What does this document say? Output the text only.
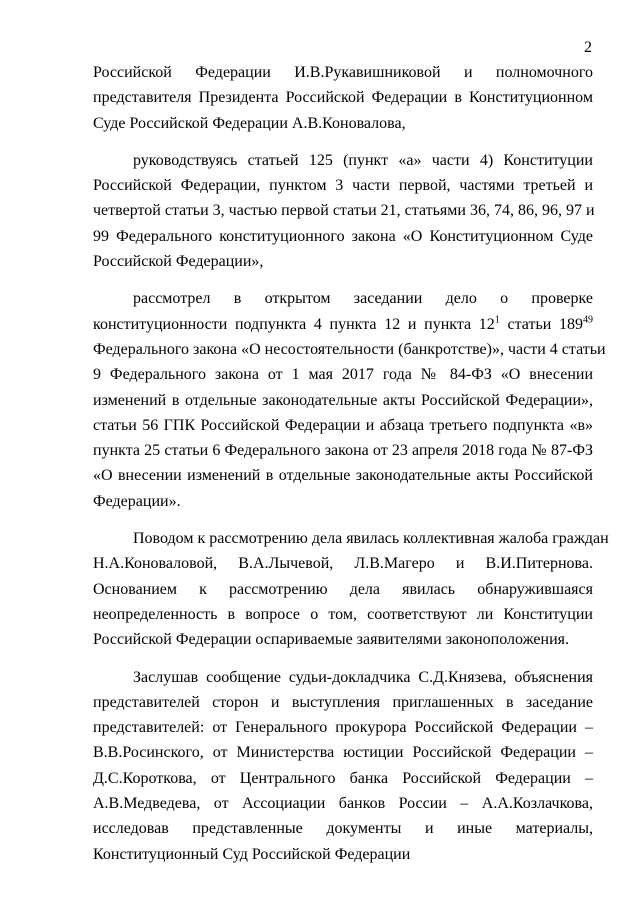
2
Российской Федерации И.В.Рукавишниковой и полномочного
представителя Президента Российской Федерации в Конституционном
Суде Российской Федерации А.В.Коновалова,
руководствуясь статьей 125 (пункт «а» части 4) Конституции
Российской Федерации, пунктом 3 части первой, частями третьей и
четвертой статьи 3, частью первой статьи 21, статьями 36, 74, 86, 96, 97 и
99 Федерального конституционного закона «О Конституционном Суде
Российской Федерации»,
рассмотрел в открытом заседании дело о проверке
конституционности подпункта 4 пункта 12 и пункта $12^1$ статьи $189^{49}$
Федерального закона «О несостоятельности (банкротстве)», части 4 статьи
9 Федерального закона от 1 мая 2017 года № 84-ФЗ «О внесении
изменений в отдельные законодательные акты Российской Федерации»,
статьи 56 ГПК Российской Федерации и абзаца третьего подпункта «в»
пункта 25 статьи 6 Федерального закона от 23 апреля 2018 года № 87-ФЗ
«О внесении изменений в отдельные законодательные акты Российской
Федерации».
Поводом к рассмотрению дела явилась коллективная жалоба граждан
Н.А.Коноваловой, В.А.Лычевой, Л.В.Магеро и В.И.Питернова.
Основанием к рассмотрению дела явилась обнаружившаяся
неопределенность в вопросе о том, соответствуют ли Конституции
Российской Федерации оспариваемые заявителями законоположения.
Заслушав сообщение судьи-докладчика С.Д.Князева, объяснения
представителей сторон и выступления приглашенных в заседание
представителей: от Генерального прокурора Российской Федерации –
В.В.Росинского, от Министерства юстиции Российской Федерации –
Д.С.Короткова, от Центрального банка Российской Федерации –
А.В.Медведева, от Ассоциации банков России – А.А.Козлачкова,
исследовав представленные документы и иные материалы,
Конституционный Суд Российской Федерации
